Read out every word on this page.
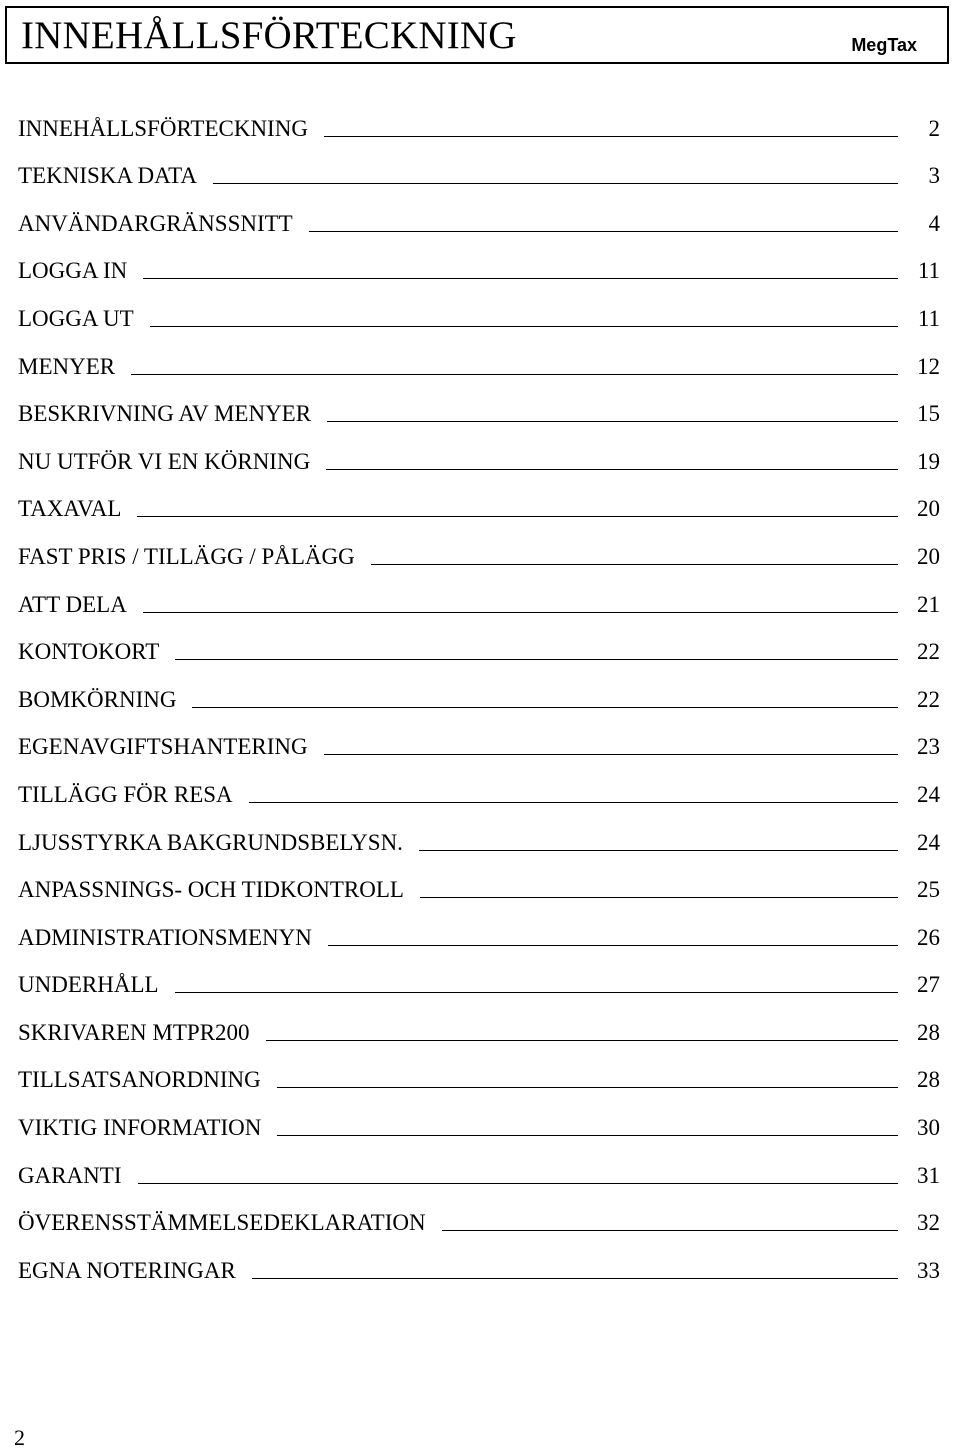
INNEHÅLLSFÖRTECKNING	MegTax
INNEHÅLLSFÖRTECKNING	2
TEKNISKA DATA	3
ANVÄNDARGRÄNSSNITT	4
LOGGA IN	11
LOGGA UT	11
MENYER	12
BESKRIVNING AV MENYER	15
NU UTFÖR VI EN KÖRNING	19
TAXAVAL	20
FAST PRIS / TILLÄGG / PÅLÄGG	20
ATT DELA	21
KONTOKORT	22
BOMKÖRNING	22
EGENAVGIFTSHANTERING	23
TILLÄGG FÖR RESA	24
LJUSSTYRKA BAKGRUNDSBELYSN.	24
ANPASSNINGS- OCH TIDKONTROLL	25
ADMINISTRATIONSMENYN	26
UNDERHÅLL	27
SKRIVAREN MTPR200	28
TILLSATSANORDNING	28
VIKTIG INFORMATION	30
GARANTI	31
ÖVERENSSTÄMMELSEDEKLARATION	32
EGNA NOTERINGAR	33
2
